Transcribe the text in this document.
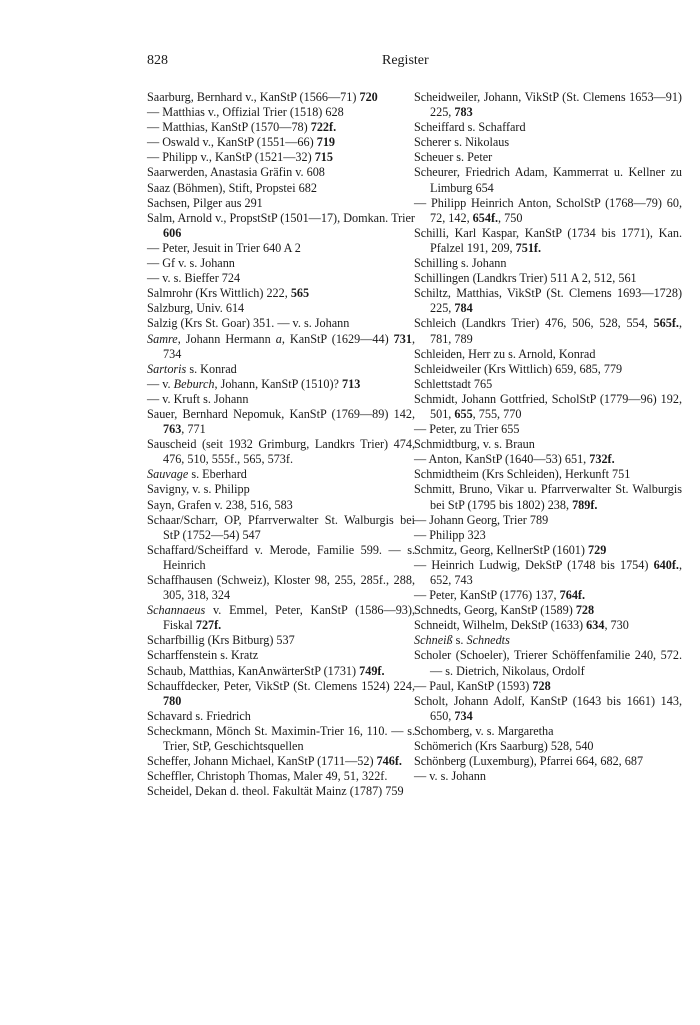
828	Register

Saarburg, Bernhard v., KanStP (1566—71) 720

— Matthias v., Offizial Trier (1518) 628

— Matthias, KanStP (1570—78) 722f.

— Oswald v., KanStP (1551—66) 719

— Philipp v., KanStP (1521—32) 715

Saarwerden, Anastasia Gräfin v. 608

Saaz (Böhmen), Stift, Propstei 682

Sachsen, Pilger aus 291

Salm, Arnold v., PropstStP (1501—17), Domkan. Trier 606

— Peter, Jesuit in Trier 640 A 2

— Gf v. s. Johann

— v. s. Bieffer 724

Salmrohr (Krs Wittlich) 222, 565

Salzburg, Univ. 614

Salzig (Krs St. Goar) 351. — v. s. Johann

Samre, Johann Hermann a, KanStP (1629—44) 731, 734

Sartoris s. Konrad

— v. Beburch, Johann, KanStP (1510)? 713

— v. Kruft s. Johann

Sauer, Bernhard Nepomuk, KanStP (1769—89) 142, 763, 771

Sauscheid (seit 1932 Grimburg, Landkrs Trier) 474, 476, 510, 555f., 565, 573f.

Sauvage s. Eberhard

Savigny, v. s. Philipp

Sayn, Grafen v. 238, 516, 583

Schaar/Scharr, OP, Pfarrverwalter St. Walburgis bei StP (1752—54) 547

Schaffard/Scheiffard v. Merode, Familie 599. — s. Heinrich

Schaffhausen (Schweiz), Kloster 98, 255, 285f., 288, 305, 318, 324

Schannaeus v. Emmel, Peter, KanStP (1586—93), Fiskal 727f.

Scharfbillig (Krs Bitburg) 537

Scharffenstein s. Kratz

Schaub, Matthias, KanAnwärterStP (1731) 749f.

Schauffdecker, Peter, VikStP (St. Clemens 1524) 224, 780

Schavard s. Friedrich

Scheckmann, Mönch St. Maximin-Trier 16, 110. — s. Trier, StP, Geschichtsquellen

Scheffer, Johann Michael, KanStP (1711—52) 746f.

Scheffler, Christoph Thomas, Maler 49, 51, 322f.

Scheidel, Dekan d. theol. Fakultät Mainz (1787) 759

Scheidweiler, Johann, VikStP (St. Clemens 1653—91) 225, 783

Scheiffard s. Schaffard

Scherer s. Nikolaus

Scheuer s. Peter

Scheurer, Friedrich Adam, Kammerrat u. Kellner zu Limburg 654

— Philipp Heinrich Anton, ScholStP (1768—79) 60, 72, 142, 654f., 750

Schilli, Karl Kaspar, KanStP (1734 bis 1771), Kan. Pfalzel 191, 209, 751f.

Schilling s. Johann

Schillingen (Landkrs Trier) 511 A 2, 512, 561

Schiltz, Matthias, VikStP (St. Clemens 1693—1728) 225, 784

Schleich (Landkrs Trier) 476, 506, 528, 554, 565f., 781, 789

Schleiden, Herr zu s. Arnold, Konrad

Schleidweiler (Krs Wittlich) 659, 685, 779

Schlettstadt 765

Schmidt, Johann Gottfried, ScholStP (1779—96) 192, 501, 655, 755, 770

— Peter, zu Trier 655

Schmidtburg, v. s. Braun

— Anton, KanStP (1640—53) 651, 732f.

Schmidtheim (Krs Schleiden), Herkunft 751

Schmitt, Bruno, Vikar u. Pfarrverwalter St. Walburgis bei StP (1795 bis 1802) 238, 789f.

— Johann Georg, Trier 789

— Philipp 323

Schmitz, Georg, KellnerStP (1601) 729

— Heinrich Ludwig, DekStP (1748 bis 1754) 640f., 652, 743

— Peter, KanStP (1776) 137, 764f.

Schnedts, Georg, KanStP (1589) 728

Schneidt, Wilhelm, DekStP (1633) 634, 730

Schneiß s. Schnedts

Scholer (Schoeler), Trierer Schöffenfamilie 240, 572. — s. Dietrich, Nikolaus, Ordolf

— Paul, KanStP (1593) 728

Scholt, Johann Adolf, KanStP (1643 bis 1661) 143, 650, 734

Schomberg, v. s. Margaretha

Schömerich (Krs Saarburg) 528, 540

Schönberg (Luxemburg), Pfarrei 664, 682, 687

— v. s. Johann
